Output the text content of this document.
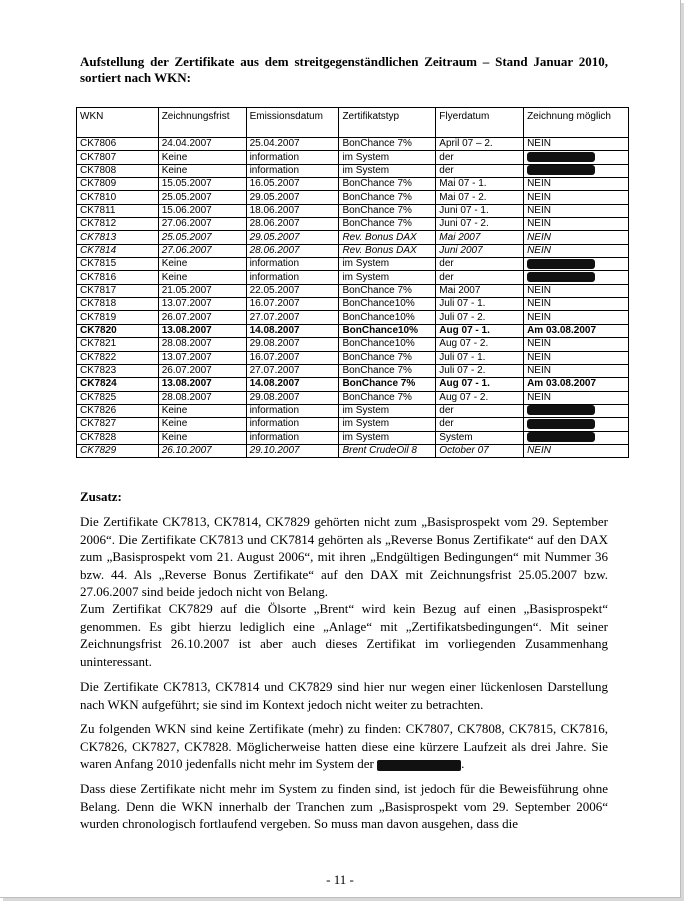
Aufstellung der Zertifikate aus dem streitgegenständlichen Zeitraum – Stand Januar 2010, sortiert nach WKN:
WKN	Zeichnungsfrist	Emissionsdatum	Zertifikatstyp	Flyerdatum	Zeichnung möglich
CK7806	24.04.2007	25.04.2007	BonChance 7%	April 07 – 2.	NEIN
CK7807	Keine	information	im System	der	
CK7808	Keine	information	im System	der	
CK7809	15.05.2007	16.05.2007	BonChance 7%	Mai 07 - 1.	NEIN
CK7810	25.05.2007	29.05.2007	BonChance 7%	Mai 07 - 2.	NEIN
CK7811	15.06.2007	18.06.2007	BonChance 7%	Juni 07 - 1.	NEIN
CK7812	27.06.2007	28.06.2007	BonChance 7%	Juni 07 - 2.	NEIN
CK7813	25.05.2007	29.05.2007	Rev. Bonus DAX	Mai 2007	NEIN
CK7814	27.06.2007	28.06.2007	Rev. Bonus DAX	Juni 2007	NEIN
CK7815	Keine	information	im System	der	
CK7816	Keine	information	im System	der	
CK7817	21.05.2007	22.05.2007	BonChance 7%	Mai 2007	NEIN
CK7818	13.07.2007	16.07.2007	BonChance10%	Juli 07 - 1.	NEIN
CK7819	26.07.2007	27.07.2007	BonChance10%	Juli 07 - 2.	NEIN
CK7820	13.08.2007	14.08.2007	BonChance10%	Aug 07 - 1.	Am 03.08.2007
CK7821	28.08.2007	29.08.2007	BonChance10%	Aug 07 - 2.	NEIN
CK7822	13.07.2007	16.07.2007	BonChance 7%	Juli 07 - 1.	NEIN
CK7823	26.07.2007	27.07.2007	BonChance 7%	Juli 07 - 2.	NEIN
CK7824	13.08.2007	14.08.2007	BonChance 7%	Aug 07 - 1.	Am 03.08.2007
CK7825	28.08.2007	29.08.2007	BonChance 7%	Aug 07 - 2.	NEIN
CK7826	Keine	information	im System	der	
CK7827	Keine	information	im System	der	
CK7828	Keine	information	im System	System	
CK7829	26.10.2007	29.10.2007	Brent CrudeOil 8	October 07	NEIN
Zusatz:
Die Zertifikate CK7813, CK7814, CK7829 gehörten nicht zum „Basisprospekt vom 29. September 2006“. Die Zertifikate CK7813 und CK7814 gehörten als „Reverse Bonus Zertifikate“ auf den DAX zum „Basisprospekt vom 21. August 2006“, mit ihren „Endgültigen Bedingungen“ mit Nummer 36 bzw. 44. Als „Reverse Bonus Zertifikate“ auf den DAX mit Zeichnungsfrist 25.05.2007 bzw. 27.06.2007 sind beide jedoch nicht von Belang.
Zum Zertifikat CK7829 auf die Ölsorte „Brent“ wird kein Bezug auf einen „Basisprospekt“ genommen. Es gibt hierzu lediglich eine „Anlage“ mit „Zertifikatsbedingungen“. Mit seiner Zeichnungsfrist 26.10.2007 ist aber auch dieses Zertifikat im vorliegenden Zusammenhang uninteressant.
Die Zertifikate CK7813, CK7814 und CK7829 sind hier nur wegen einer lückenlosen Darstellung nach WKN aufgeführt; sie sind im Kontext jedoch nicht weiter zu betrachten.
Zu folgenden WKN sind keine Zertifikate (mehr) zu finden: CK7807, CK7808, CK7815, CK7816, CK7826, CK7827, CK7828. Möglicherweise hatten diese eine kürzere Laufzeit als drei Jahre. Sie waren Anfang 2010 jedenfalls nicht mehr im System der	.
Dass diese Zertifikate nicht mehr im System zu finden sind, ist jedoch für die Beweisführung ohne Belang. Denn die WKN innerhalb der Tranchen zum „Basisprospekt vom 29. September 2006“ wurden chronologisch fortlaufend vergeben. So muss man davon ausgehen, dass die
- 11 -
